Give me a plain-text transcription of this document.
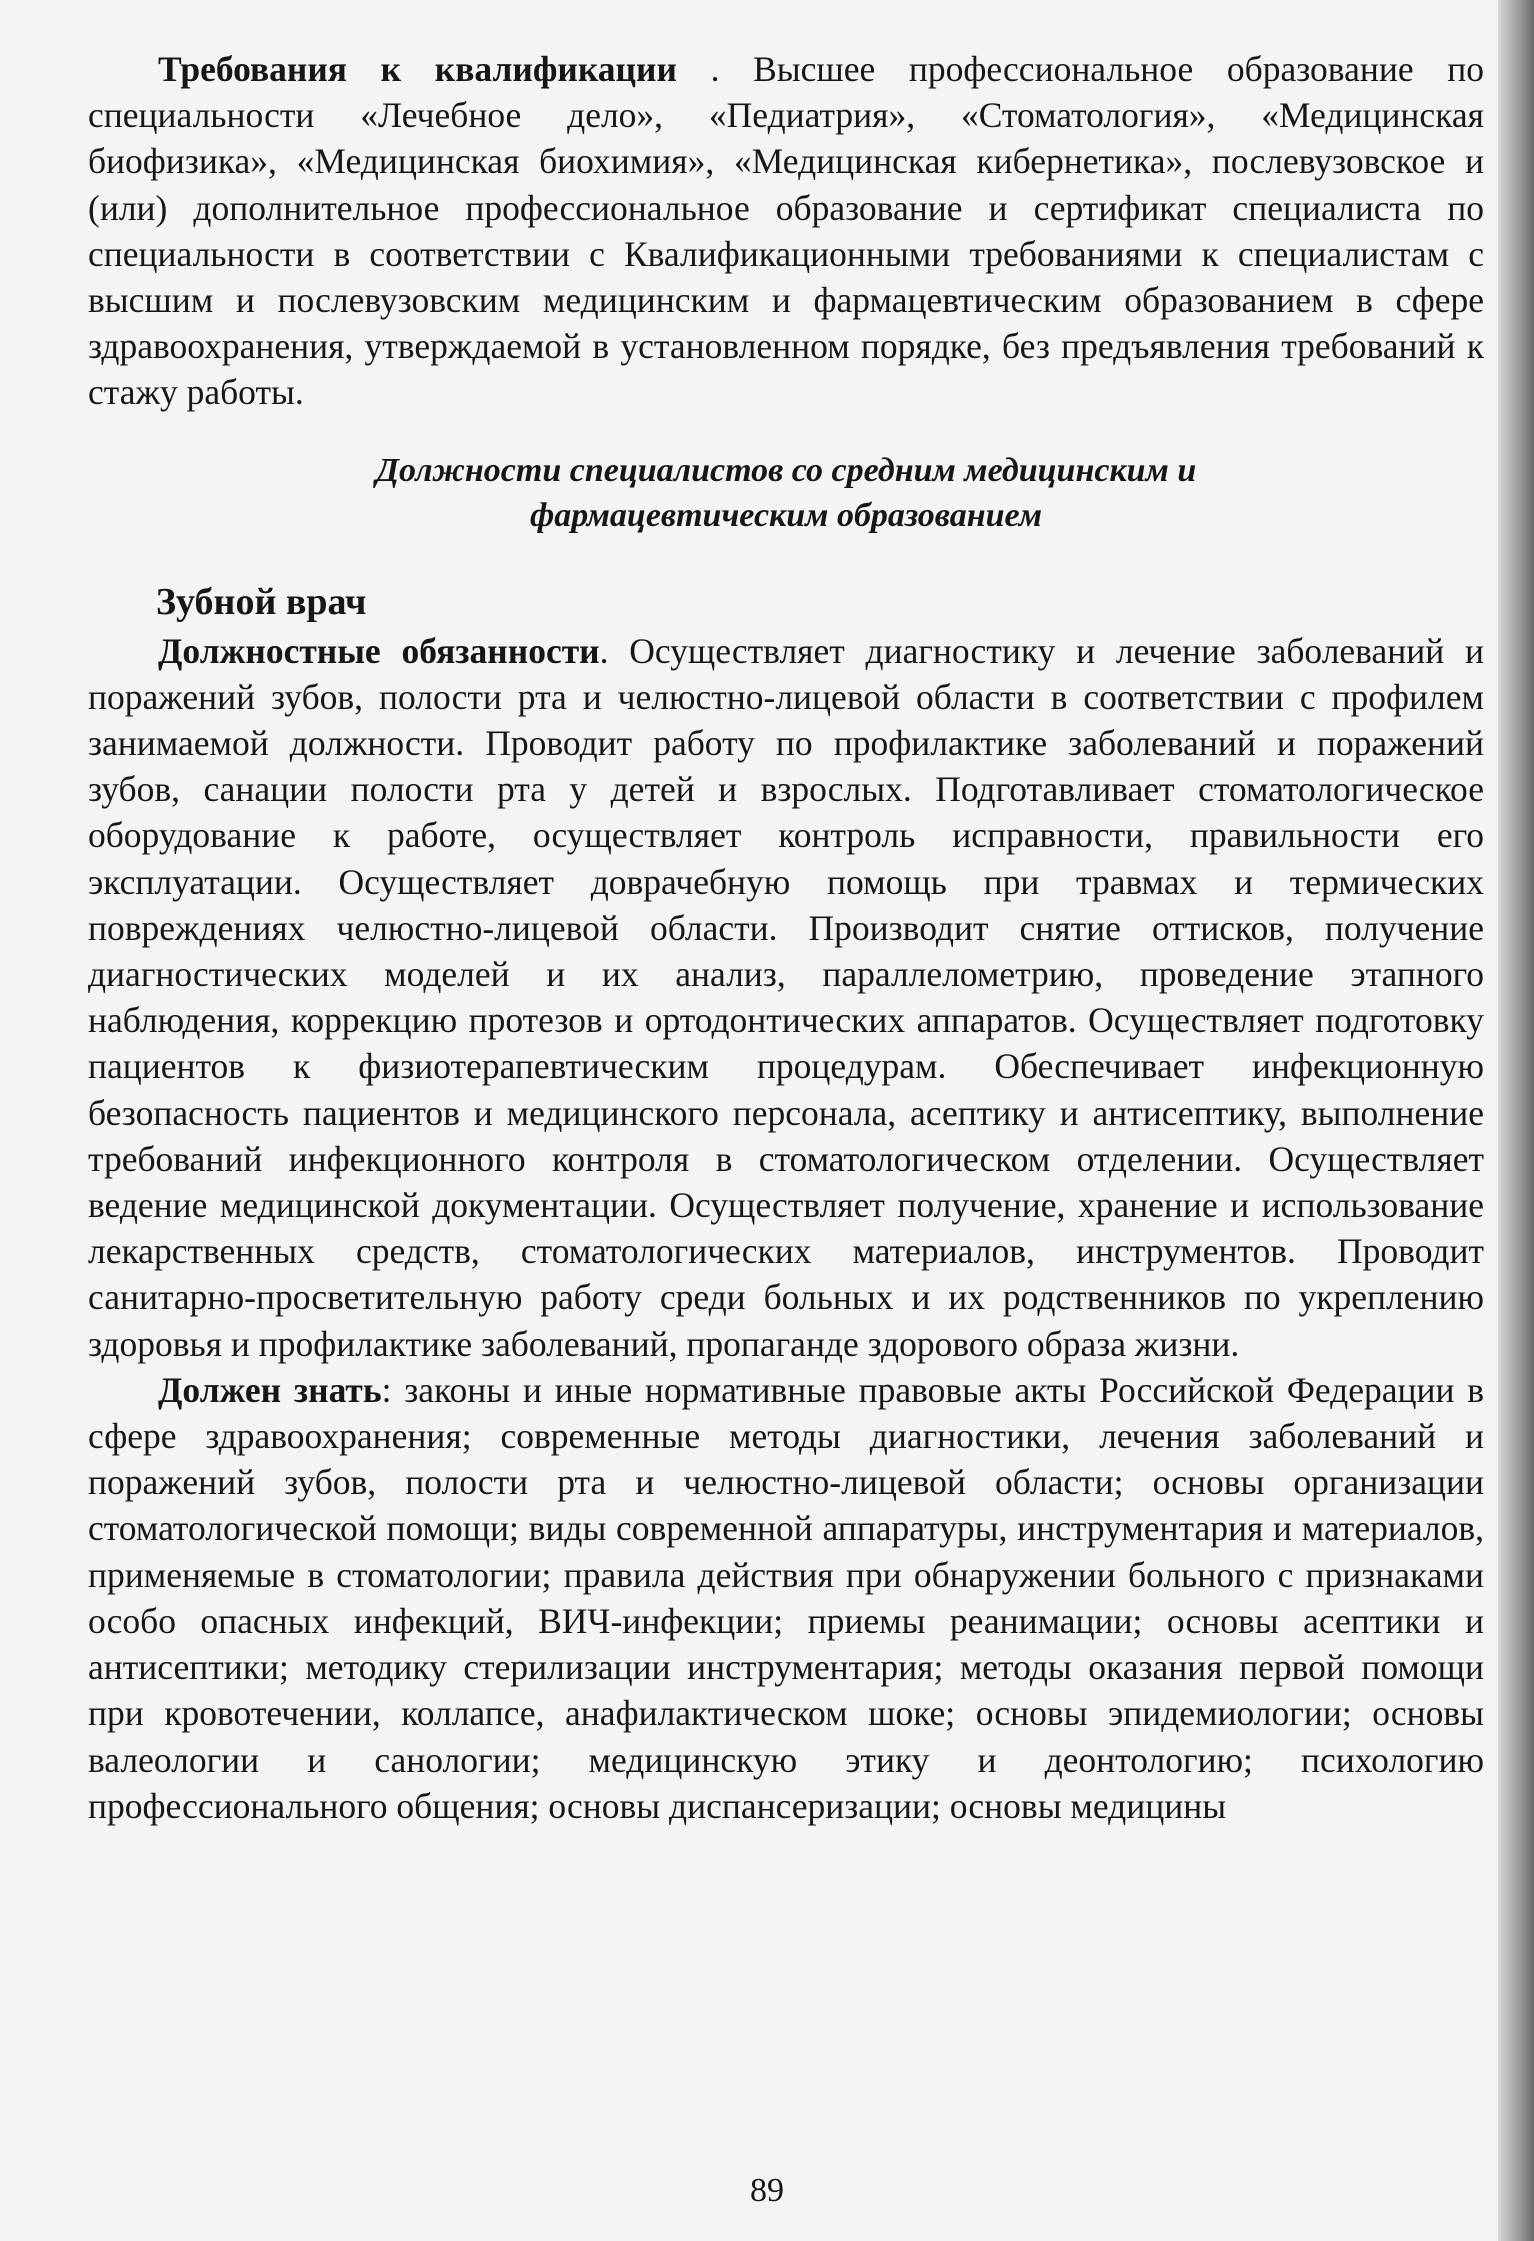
Требования к квалификации . Высшее профессиональное образование по специальности «Лечебное дело», «Педиатрия», «Стоматология», «Медицинская биофизика», «Медицинская биохимия», «Медицинская кибернетика», послевузовское и (или) дополнительное профессиональное образование и сертификат специалиста по специальности в соответствии с Квалификационными требованиями к специалистам с высшим и послевузовским медицинским и фармацевтическим образованием в сфере здравоохранения, утверждаемой в установленном порядке, без предъявления требований к стажу работы.

Должности специалистов со средним медицинским и
фармацевтическим образованием
Зубной врач

Должностные обязанности. Осуществляет диагностику и лечение заболеваний и поражений зубов, полости рта и челюстно-лицевой области в соответствии с профилем занимаемой должности. Проводит работу по профилактике заболеваний и поражений зубов, санации полости рта у детей и взрослых. Подготавливает стоматологическое оборудование к работе, осуществляет контроль исправности, правильности его эксплуатации. Осуществляет доврачебную помощь при травмах и термических повреждениях челюстно-лицевой области. Производит снятие оттисков, получение диагностических моделей и их анализ, параллелометрию, проведение этапного наблюдения, коррекцию протезов и ортодонтических аппаратов. Осуществляет подготовку пациентов к физиотерапевтическим процедурам. Обеспечивает инфекционную безопасность пациентов и медицинского персонала, асептику и антисептику, выполнение требований инфекционного контроля в стоматологическом отделении. Осуществляет ведение медицинской документации. Осуществляет получение, хранение и использование лекарственных средств, стоматологических материалов, инструментов. Проводит санитарно-просветительную работу среди больных и их родственников по укреплению здоровья и профилактике заболеваний, пропаганде здорового образа жизни.

Должен знать: законы и иные нормативные правовые акты Российской Федерации в сфере здравоохранения; современные методы диагностики, лечения заболеваний и поражений зубов, полости рта и челюстно-лицевой области; основы организации стоматологической помощи; виды современной аппаратуры, инструментария и материалов, применяемые в стоматологии; правила действия при обнаружении больного с признаками особо опасных инфекций, ВИЧ-инфекции; приемы реанимации; основы асептики и антисептики; методику стерилизации инструментария; методы оказания первой помощи при кровотечении, коллапсе, анафилактическом шоке; основы эпидемиологии; основы валеологии и санологии; медицинскую этику и деонтологию; психологию профессионального общения; основы диспансеризации; основы медицины

89
